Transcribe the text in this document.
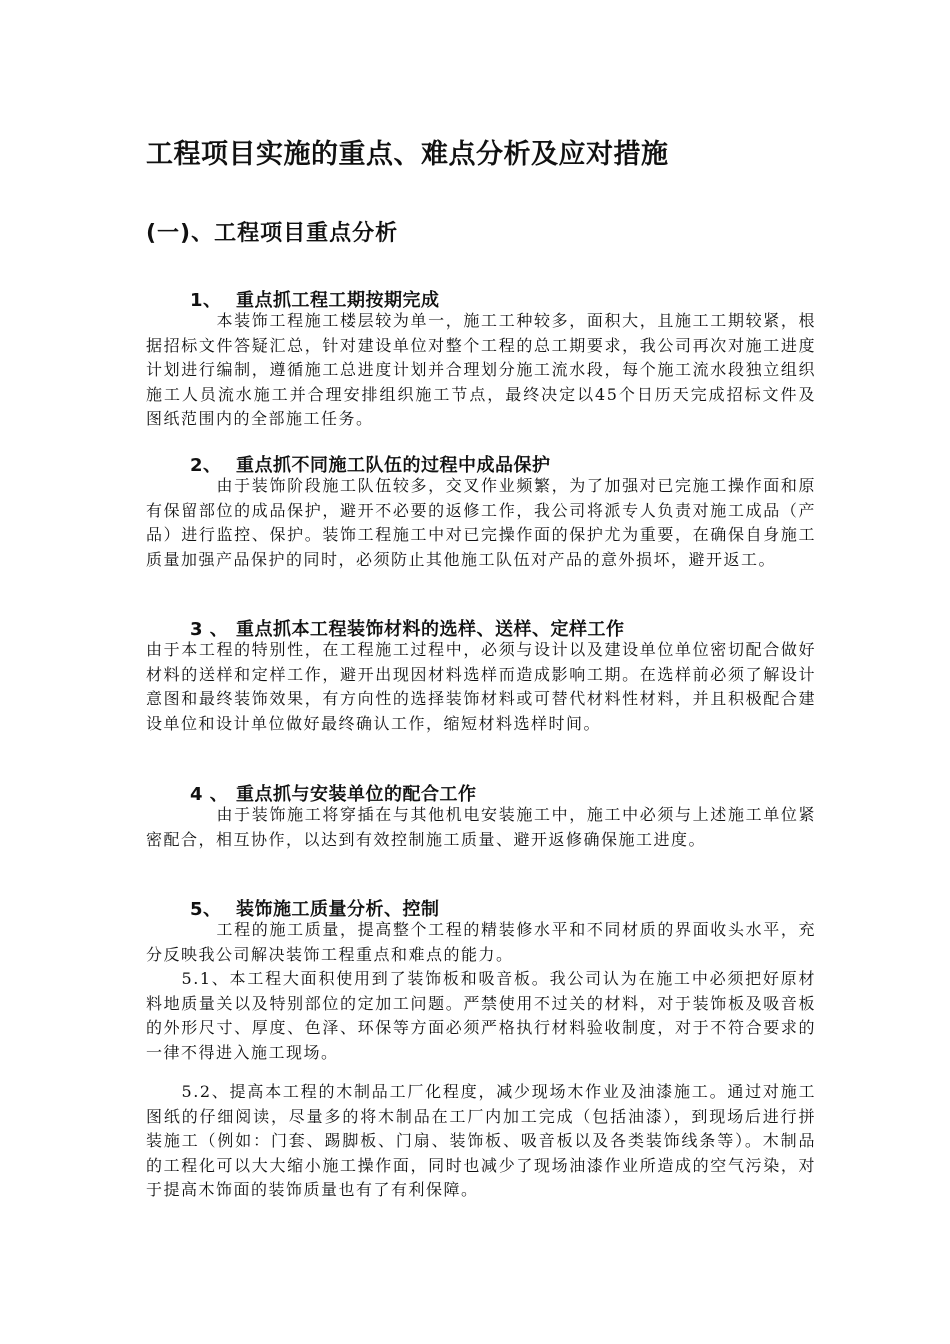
工程项目实施的重点、难点分析及应对措施
(一)、工程项目重点分析
1、 重点抓工程工期按期完成

　　　　本装饰工程施工楼层较为单一，施工工种较多，面积大，且施工工期较紧，根据招标文件答疑汇总，针对建设单位对整个工程的总工期要求，我公司再次对施工进度计划进行编制，遵循施工总进度计划并合理划分施工流水段，每个施工流水段独立组织施工人员流水施工并合理安排组织施工节点，最终决定以45个日历天完成招标文件及图纸范围内的全部施工任务。

2、 重点抓不同施工队伍的过程中成品保护

　　　　由于装饰阶段施工队伍较多，交叉作业频繁，为了加强对已完施工操作面和原有保留部位的成品保护，避开不必要的返修工作，我公司将派专人负责对施工成品（产品）进行监控、保护。装饰工程施工中对已完操作面的保护尤为重要，在确保自身施工质量加强产品保护的同时，必须防止其他施工队伍对产品的意外损坏，避开返工。

3 、 重点抓本工程装饰材料的选样、送样、定样工作

由于本工程的特别性，在工程施工过程中，必须与设计以及建设单位单位密切配合做好材料的送样和定样工作，避开出现因材料选样而造成影响工期。在选样前必须了解设计意图和最终装饰效果，有方向性的选择装饰材料或可替代材料性材料，并且积极配合建设单位和设计单位做好最终确认工作，缩短材料选样时间。

4 、 重点抓与安装单位的配合工作

　　　　由于装饰施工将穿插在与其他机电安装施工中，施工中必须与上述施工单位紧密配合，相互协作，以达到有效控制施工质量、避开返修确保施工进度。

5、 装饰施工质量分析、控制

　　　　工程的施工质量，提高整个工程的精装修水平和不同材质的界面收头水平，充分反映我公司解决装饰工程重点和难点的能力。

　　5.1、本工程大面积使用到了装饰板和吸音板。我公司认为在施工中必须把好原材料地质量关以及特别部位的定加工问题。严禁使用不过关的材料，对于装饰板及吸音板的外形尺寸、厚度、色泽、环保等方面必须严格执行材料验收制度，对于不符合要求的一律不得进入施工现场。

　　5.2、提高本工程的木制品工厂化程度，减少现场木作业及油漆施工。通过对施工图纸的仔细阅读，尽量多的将木制品在工厂内加工完成（包括油漆），到现场后进行拼装施工（例如：门套、踢脚板、门扇、装饰板、吸音板以及各类装饰线条等）。木制品的工程化可以大大缩小施工操作面，同时也减少了现场油漆作业所造成的空气污染，对于提高木饰面的装饰质量也有了有利保障。
